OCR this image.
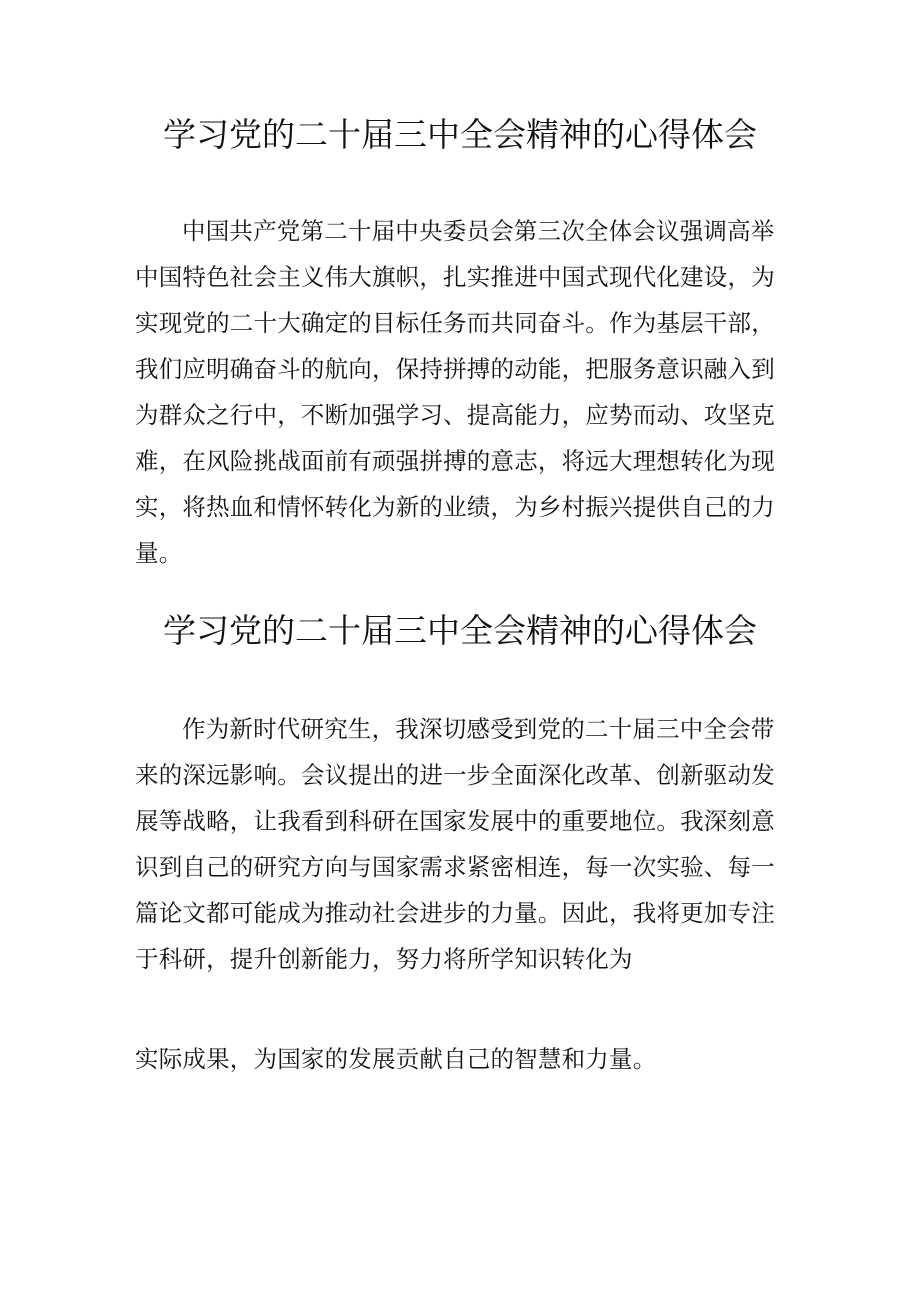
学习党的二十届三中全会精神的心得体会

中国共产党第二十届中央委员会第三次全体会议强调高举中国特色社会主义伟大旗帜，扎实推进中国式现代化建设，为实现党的二十大确定的目标任务而共同奋斗。作为基层干部，我们应明确奋斗的航向，保持拼搏的动能，把服务意识融入到为群众之行中，不断加强学习、提高能力，应势而动、攻坚克难，在风险挑战面前有顽强拼搏的意志，将远大理想转化为现实，将热血和情怀转化为新的业绩，为乡村振兴提供自己的力量。

学习党的二十届三中全会精神的心得体会

作为新时代研究生，我深切感受到党的二十届三中全会带来的深远影响。会议提出的进一步全面深化改革、创新驱动发展等战略，让我看到科研在国家发展中的重要地位。我深刻意识到自己的研究方向与国家需求紧密相连，每一次实验、每一篇论文都可能成为推动社会进步的力量。因此，我将更加专注于科研，提升创新能力，努力将所学知识转化为

实际成果，为国家的发展贡献自己的智慧和力量。
